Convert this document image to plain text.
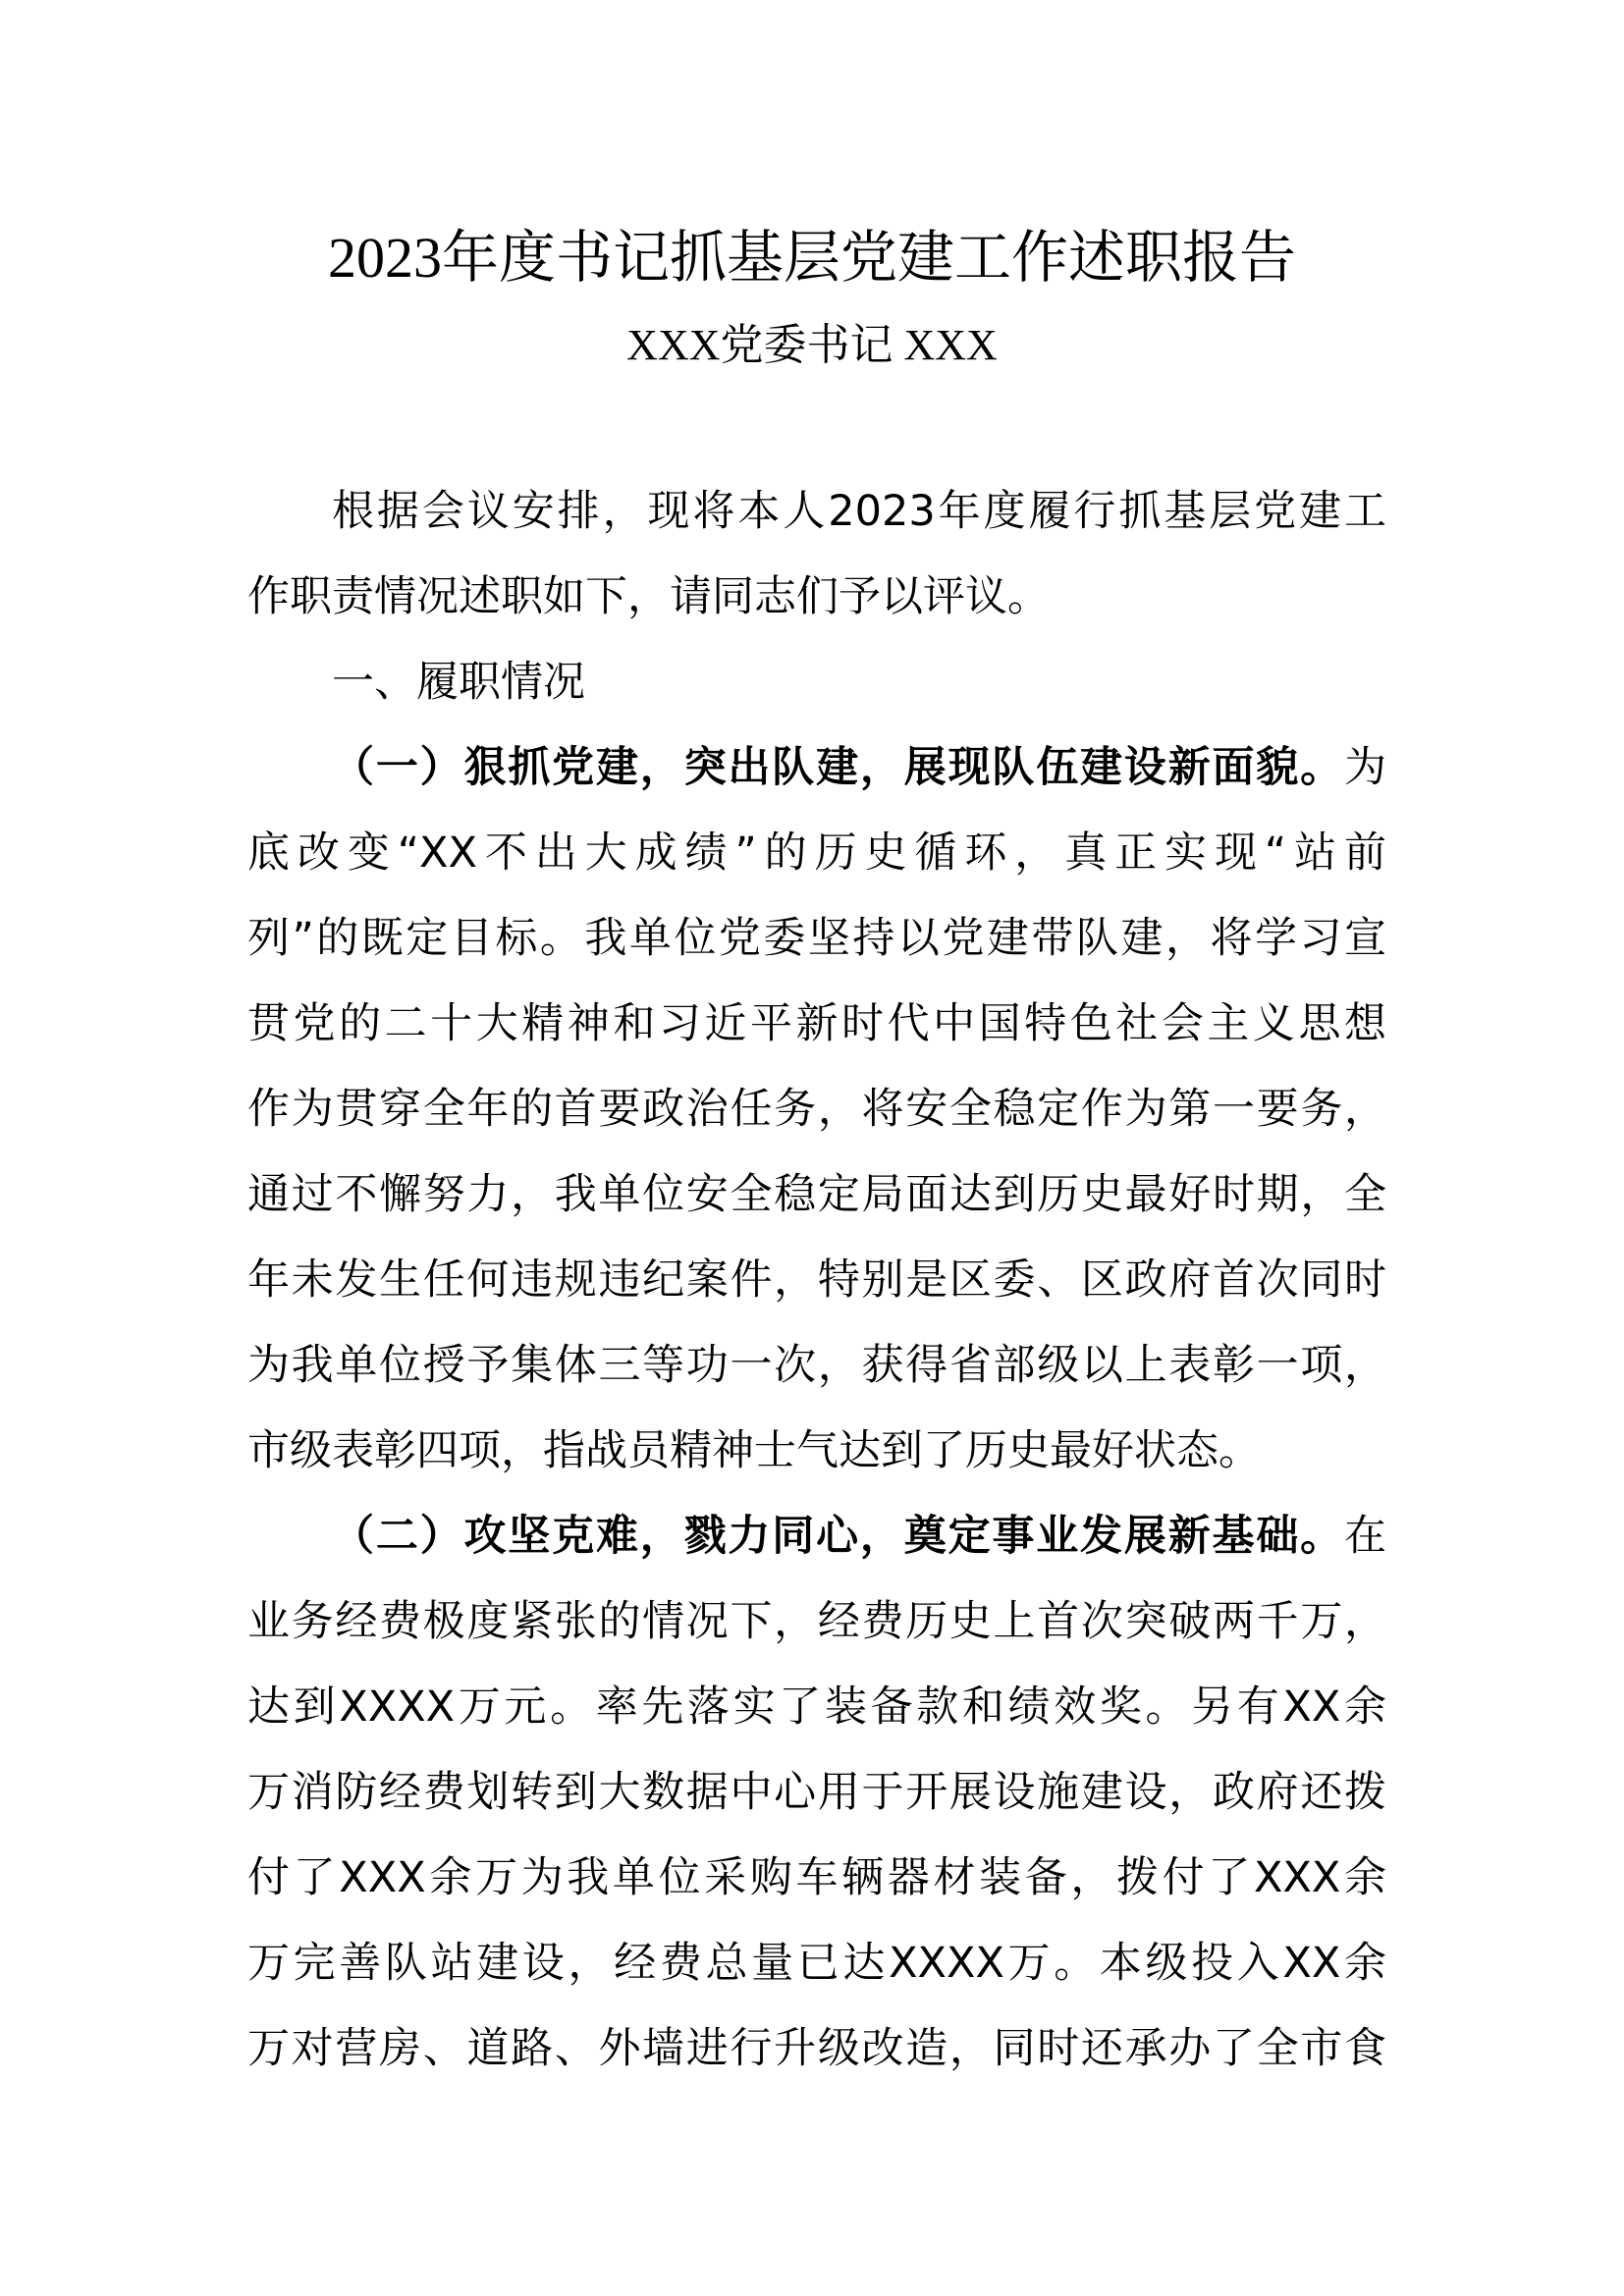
2023年度书记抓基层党建工作述职报告
XXX党委书记 XXX
根据会议安排，现将本人2023年度履行抓基层党建工
作职责情况述职如下，请同志们予以评议。
一、履职情况
（一）狠抓党建，突出队建，展现队伍建设新面貌。为
底改变“XX不出大成绩”的历史循环，真正实现“站前
列”的既定目标。我单位党委坚持以党建带队建，将学习宣
贯党的二十大精神和习近平新时代中国特色社会主义思想
作为贯穿全年的首要政治任务，将安全稳定作为第一要务，
通过不懈努力，我单位安全稳定局面达到历史最好时期，全
年未发生任何违规违纪案件，特别是区委、区政府首次同时
为我单位授予集体三等功一次，获得省部级以上表彰一项，
市级表彰四项，指战员精神士气达到了历史最好状态。
（二）攻坚克难，戮力同心，奠定事业发展新基础。在
业务经费极度紧张的情况下，经费历史上首次突破两千万，
达到XXXX万元。率先落实了装备款和绩效奖。另有XX余
万消防经费划转到大数据中心用于开展设施建设，政府还拨
付了XXX余万为我单位采购车辆器材装备，拨付了XXX余
万完善队站建设，经费总量已达XXXX万。本级投入XX余
万对营房、道路、外墙进行升级改造，同时还承办了全市食
